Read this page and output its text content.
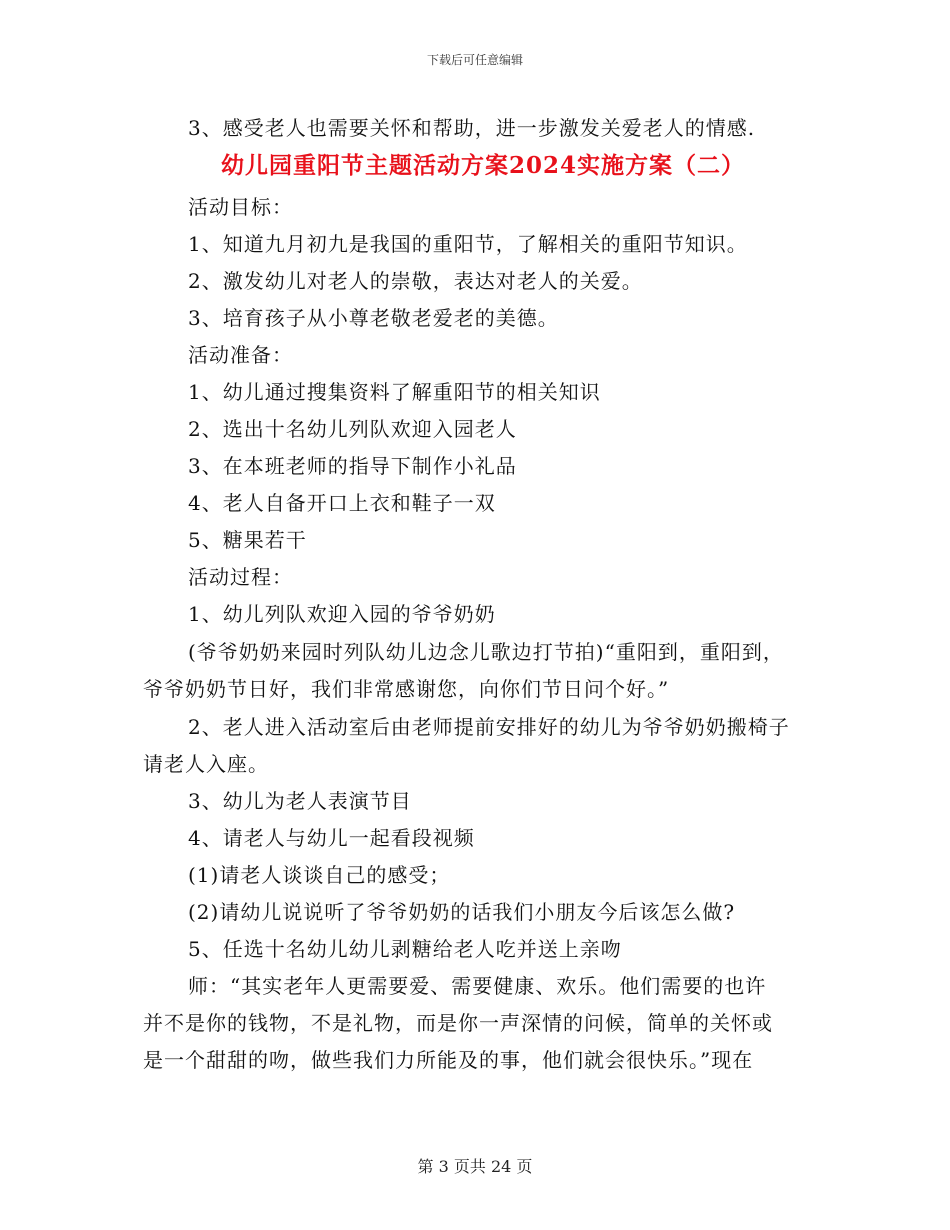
下载后可任意编辑
3、感受老人也需要关怀和帮助，进一步激发关爱老人的情感.
幼儿园重阳节主题活动方案2024实施方案（二）
活动目标：
1、知道九月初九是我国的重阳节，了解相关的重阳节知识。
2、激发幼儿对老人的崇敬，表达对老人的关爱。
3、培育孩子从小尊老敬老爱老的美德。
活动准备：
1、幼儿通过搜集资料了解重阳节的相关知识
2、选出十名幼儿列队欢迎入园老人
3、在本班老师的指导下制作小礼品
4、老人自备开口上衣和鞋子一双
5、糖果若干
活动过程：
1、幼儿列队欢迎入园的爷爷奶奶
(爷爷奶奶来园时列队幼儿边念儿歌边打节拍)“重阳到，重阳到，
爷爷奶奶节日好，我们非常感谢您，向你们节日问个好。”
2、老人进入活动室后由老师提前安排好的幼儿为爷爷奶奶搬椅子
请老人入座。
3、幼儿为老人表演节目
4、请老人与幼儿一起看段视频
(1)请老人谈谈自己的感受；
(2)请幼儿说说听了爷爷奶奶的话我们小朋友今后该怎么做?
5、任选十名幼儿幼儿剥糖给老人吃并送上亲吻
师：“其实老年人更需要爱、需要健康、欢乐。他们需要的也许
并不是你的钱物，不是礼物，而是你一声深情的问候，简单的关怀或
是一个甜甜的吻，做些我们力所能及的事，他们就会很快乐。”现在
第 3 页共 24 页
